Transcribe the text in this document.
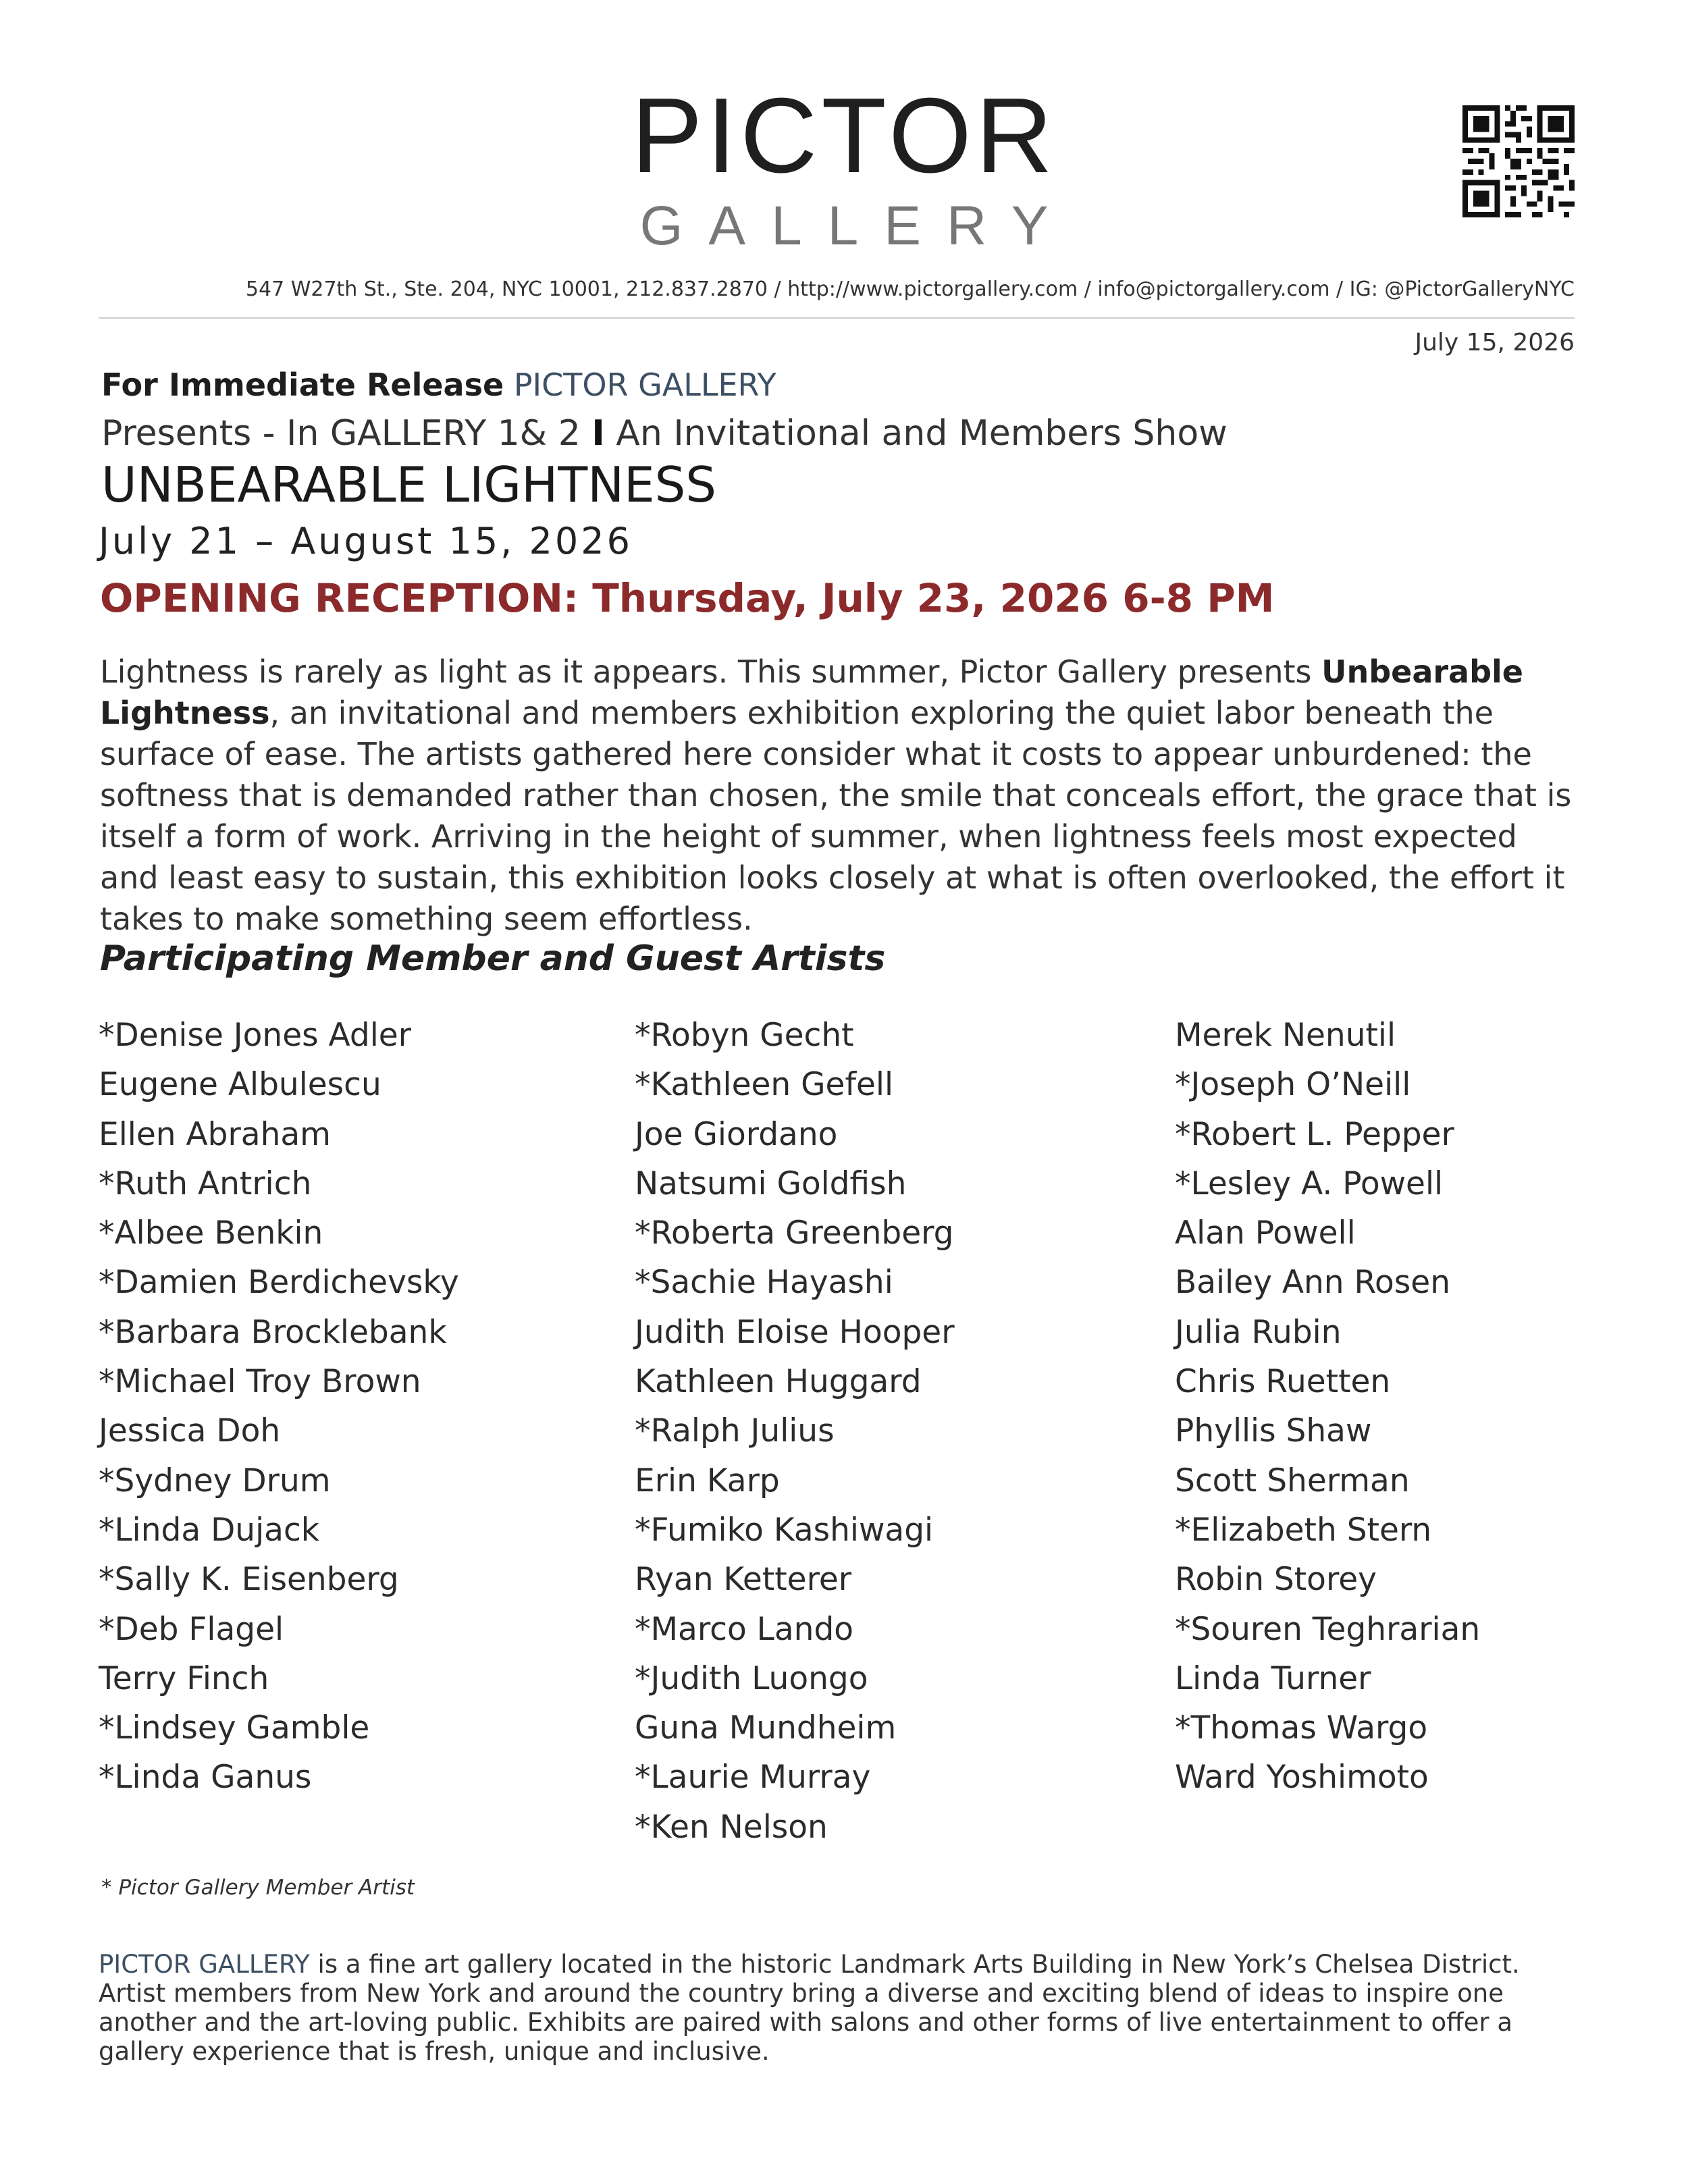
PICTOR
GALLERY
547 W27th St., Ste. 204, NYC 10001, 212.837.2870 / http://www.pictorgallery.com / info@pictorgallery.com / IG: @PictorGalleryNYC
July 15, 2026
For Immediate Release PICTOR GALLERY
Presents - In GALLERY 1& 2 I An Invitational and Members Show
UNBEARABLE LIGHTNESS
July 21 – August 15, 2026
OPENING RECEPTION: Thursday, July 23, 2026 6-8 PM
Lightness is rarely as light as it appears. This summer, Pictor Gallery presents Unbearable Lightness, an invitational and members exhibition exploring the quiet labor beneath the surface of ease. The artists gathered here consider what it costs to appear unburdened: the softness that is demanded rather than chosen, the smile that conceals effort, the grace that is itself a form of work. Arriving in the height of summer, when lightness feels most expected and least easy to sustain, this exhibition looks closely at what is often overlooked, the effort it takes to make something seem effortless.
Participating Member and Guest Artists
*Denise Jones Adler
Eugene Albulescu
Ellen Abraham
*Ruth Antrich
*Albee Benkin
*Damien Berdichevsky
*Barbara Brocklebank
*Michael Troy Brown
Jessica Doh
*Sydney Drum
*Linda Dujack
*Sally K. Eisenberg
*Deb Flagel
Terry Finch
*Lindsey Gamble
*Linda Ganus
*Robyn Gecht
*Kathleen Gefell
Joe Giordano
Natsumi Goldfish
*Roberta Greenberg
*Sachie Hayashi
Judith Eloise Hooper
Kathleen Huggard
*Ralph Julius
Erin Karp
*Fumiko Kashiwagi
Ryan Ketterer
*Marco Lando
*Judith Luongo
Guna Mundheim
*Laurie Murray
*Ken Nelson
Merek Nenutil
*Joseph O’Neill
*Robert L. Pepper
*Lesley A. Powell
Alan Powell
Bailey Ann Rosen
Julia Rubin
Chris Ruetten
Phyllis Shaw
Scott Sherman
*Elizabeth Stern
Robin Storey
*Souren Teghrarian
Linda Turner
*Thomas Wargo
Ward Yoshimoto
* Pictor Gallery Member Artist
PICTOR GALLERY is a fine art gallery located in the historic Landmark Arts Building in New York’s Chelsea District. Artist members from New York and around the country bring a diverse and exciting blend of ideas to inspire one another and the art-loving public. Exhibits are paired with salons and other forms of live entertainment to offer a gallery experience that is fresh, unique and inclusive.
